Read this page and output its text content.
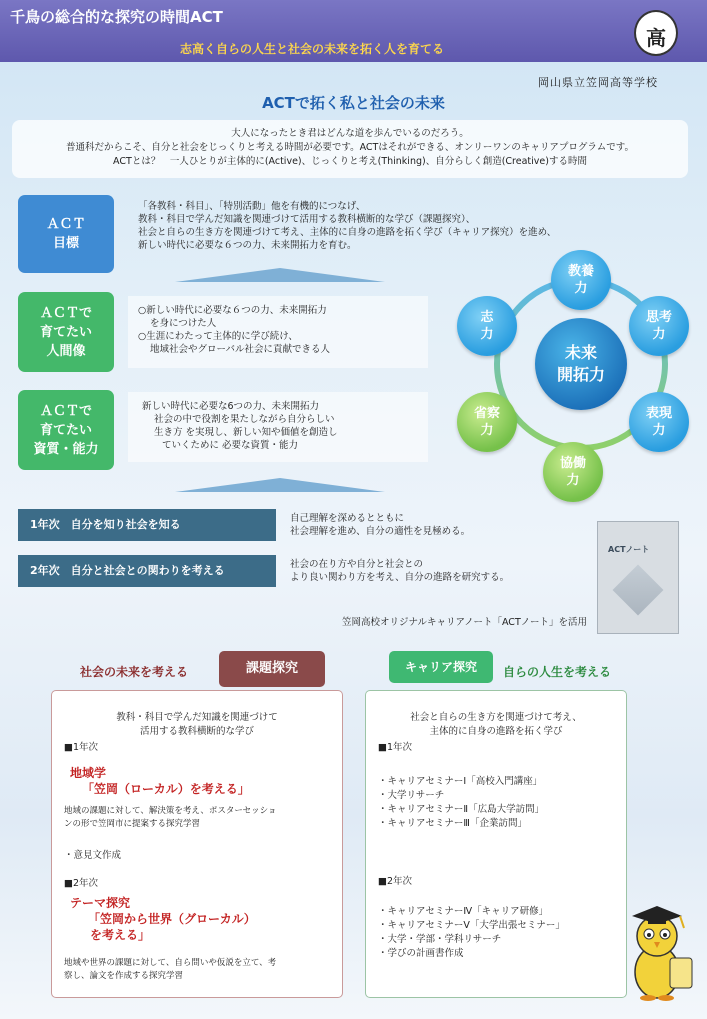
千鳥の総合的な探究の時間ACT
志高く自らの人生と社会の未来を拓く人を育てる	高
岡山県立笠岡高等学校
ACTで拓く私と社会の未来
大人になったとき君はどんな道を歩んでいるのだろう。
普通科だからこそ、自分と社会をじっくりと考える時間が必要です。ACTはそれができる、オンリーワンのキャリアプログラムです。
ACTとは？　一人ひとりが主体的に(Active)、じっくりと考え(Thinking)、自分らしく創造(Creative)する時間
ＡＣＴ
目標
「各教科・科目」、「特別活動」他を有機的につなげ、
教科・科目で学んだ知識を関連づけて活用する教科横断的な学び（課題探究）、
社会と自らの生き方を関連づけて考え、主体的に自身の進路を拓く学び（キャリア探究）を進め、
新しい時代に必要な６つの力、未来開拓力を育む。
ＡＣＴで
育てたい
人間像
○新しい時代に必要な６つの力、未来開拓力
を身につけた人
○生涯にわたって主体的に学び続け、
地域社会やグローバル社会に貢献できる人
ＡＣＴで
育てたい
資質・能力
新しい時代に必要な6つの力、未来開拓力
社会の中で役割を果たしながら自分らしい
生き方 を実現し、新しい知や価値を創造し
ていくために 必要な資質・能力
教養
力
思考
力
表現
力
協働
力
省察
力
志
力
未来
開拓力
1年次　自分を知り社会を知る	自己理解を深めるとともに
社会理解を進め、自分の適性を見極める。
2年次　自分と社会との関わりを考える	社会の在り方や自分と社会との
より良い関わり方を考え、自分の進路を研究する。
ACTノート
笠岡高校オリジナルキャリアノート「ACTノート」を活用
社会の未来を考える	課題探究	キャリア探究	自らの人生を考える
教科・科目で学んだ知識を関連づけて
活用する教科横断的な学び
■1年次
地域学
「笠岡（ローカル）を考える」
地域の課題に対して、解決策を考え、ポスターセッショ
ンの形で笠岡市に提案する探究学習
・意見文作成
■2年次
テーマ探究
「笠岡から世界（グローカル）
を考える」
地域や世界の課題に対して、自ら問いや仮説を立て、考
察し、論文を作成する探究学習
社会と自らの生き方を関連づけて考え、
主体的に自身の進路を拓く学び
■1年次
・キャリアセミナーⅠ「高校入門講座」
・大学リサーチ
・キャリアセミナーⅡ「広島大学訪問」
・キャリアセミナーⅢ「企業訪問」
■2年次
・キャリアセミナーⅣ「キャリア研修」
・キャリアセミナーⅤ「大学出張セミナー」
・大学・学部・学科リサーチ
・学びの計画書作成
